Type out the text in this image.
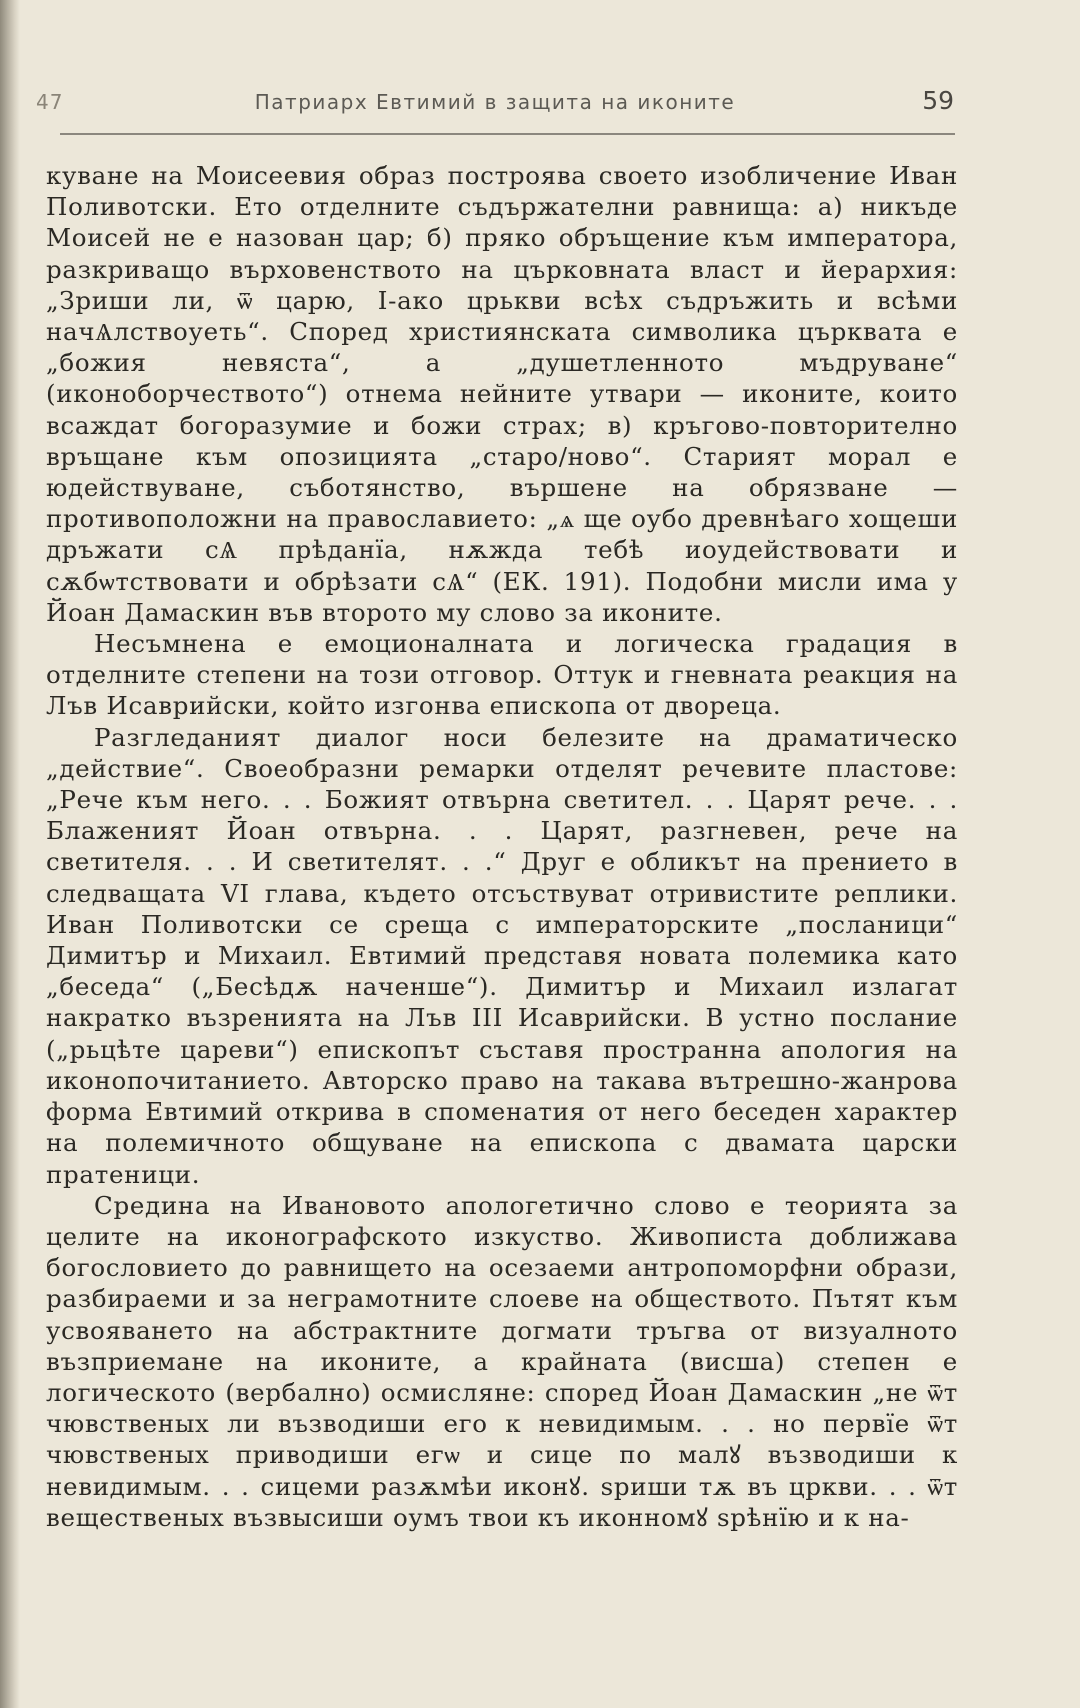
47	Патриарх Евтимий в защита на иконите	59

куване на Моисеевия образ построява своето изобличение Иван Поливотски. Ето отделните съдържателни равнища: а) никъде Моисей не е назован цар; б) пряко обръщение към императора, разкриващо върховенството на църковната власт и йерархия: „Зриши ли, ѿ царю, І-ако црькви всѣх съдръжить и всѣми начѦлствоуеть“. Според християнската символика църквата е „божия невяста“, а „душетленното мъдруване“ (иконоборчеството“) отнема нейните утвари — иконите, които всаждат богоразумие и божи страх; в) кръгово-повторително връщане към опозицията „старо/ново“. Старият морал е юдействуване, съботянство, вършене на обрязване — противоположни на православието: „ѧ ще оубо древнѣаго хощеши дръжати сѦ прѣданїа, нѫжда тебѣ иоудействовати и сѫбѡтствовати и обрѣзати сѦ“ (ЕК. 191). Подобни мисли има у Йоан Дамаскин във второто му слово за иконите.

Несъмнена е емоционалната и логическа градация в отделните степени на този отговор. Оттук и гневната реакция на Лъв Исаврийски, който изгонва епископа от двореца.

Разгледаният диалог носи белезите на драматическо „действие“. Своеобразни ремарки отделят речевите пластове: „Рече към него. . . Божият отвърна светител. . . Царят рече. . . Блаженият Йоан отвърна. . . Царят, разгневен, рече на светителя. . . И светителят. . .“ Друг е обликът на прението в следващата VI глава, където отсъствуват отривистите реплики. Иван Поливотски се среща с императорските „посланици“ Димитър и Михаил. Евтимий представя новата полемика като „беседа“ („Бесѣдѫ наченше“). Димитър и Михаил излагат накратко възренията на Лъв III Исаврийски. В устно послание („рьцѣте цареви“) епископът съставя пространна апология на иконопочитанието. Авторско право на такава вътрешно-жанрова форма Евтимий открива в споменатия от него беседен характер на полемичното общуване на епископа с двамата царски пратеници.

Средина на Ивановото апологетично слово е теорията за целите на иконографското изкуство. Живописта доближава богословието до равнището на осезаеми антропоморфни образи, разбираеми и за неграмотните слоеве на обществото. Пътят към усвояването на абстрактните догмати тръгва от визуалното възприемане на иконите, а крайната (висша) степен е логическото (вербално) осмисляне: според Йоан Дамаскин „не ѿт чювственых ли възводиши его к невидимым. . . но первїе ѿт чювственых приводиши егѡ и сице по малꙋ възводиши к невидимым. . . сицеми разѫмѣи иконꙋ. ѕриши тѫ въ цркви. . . ѿт вещественых възвысиши оумъ твои къ иконномꙋ ѕрѣнїю и к на-
